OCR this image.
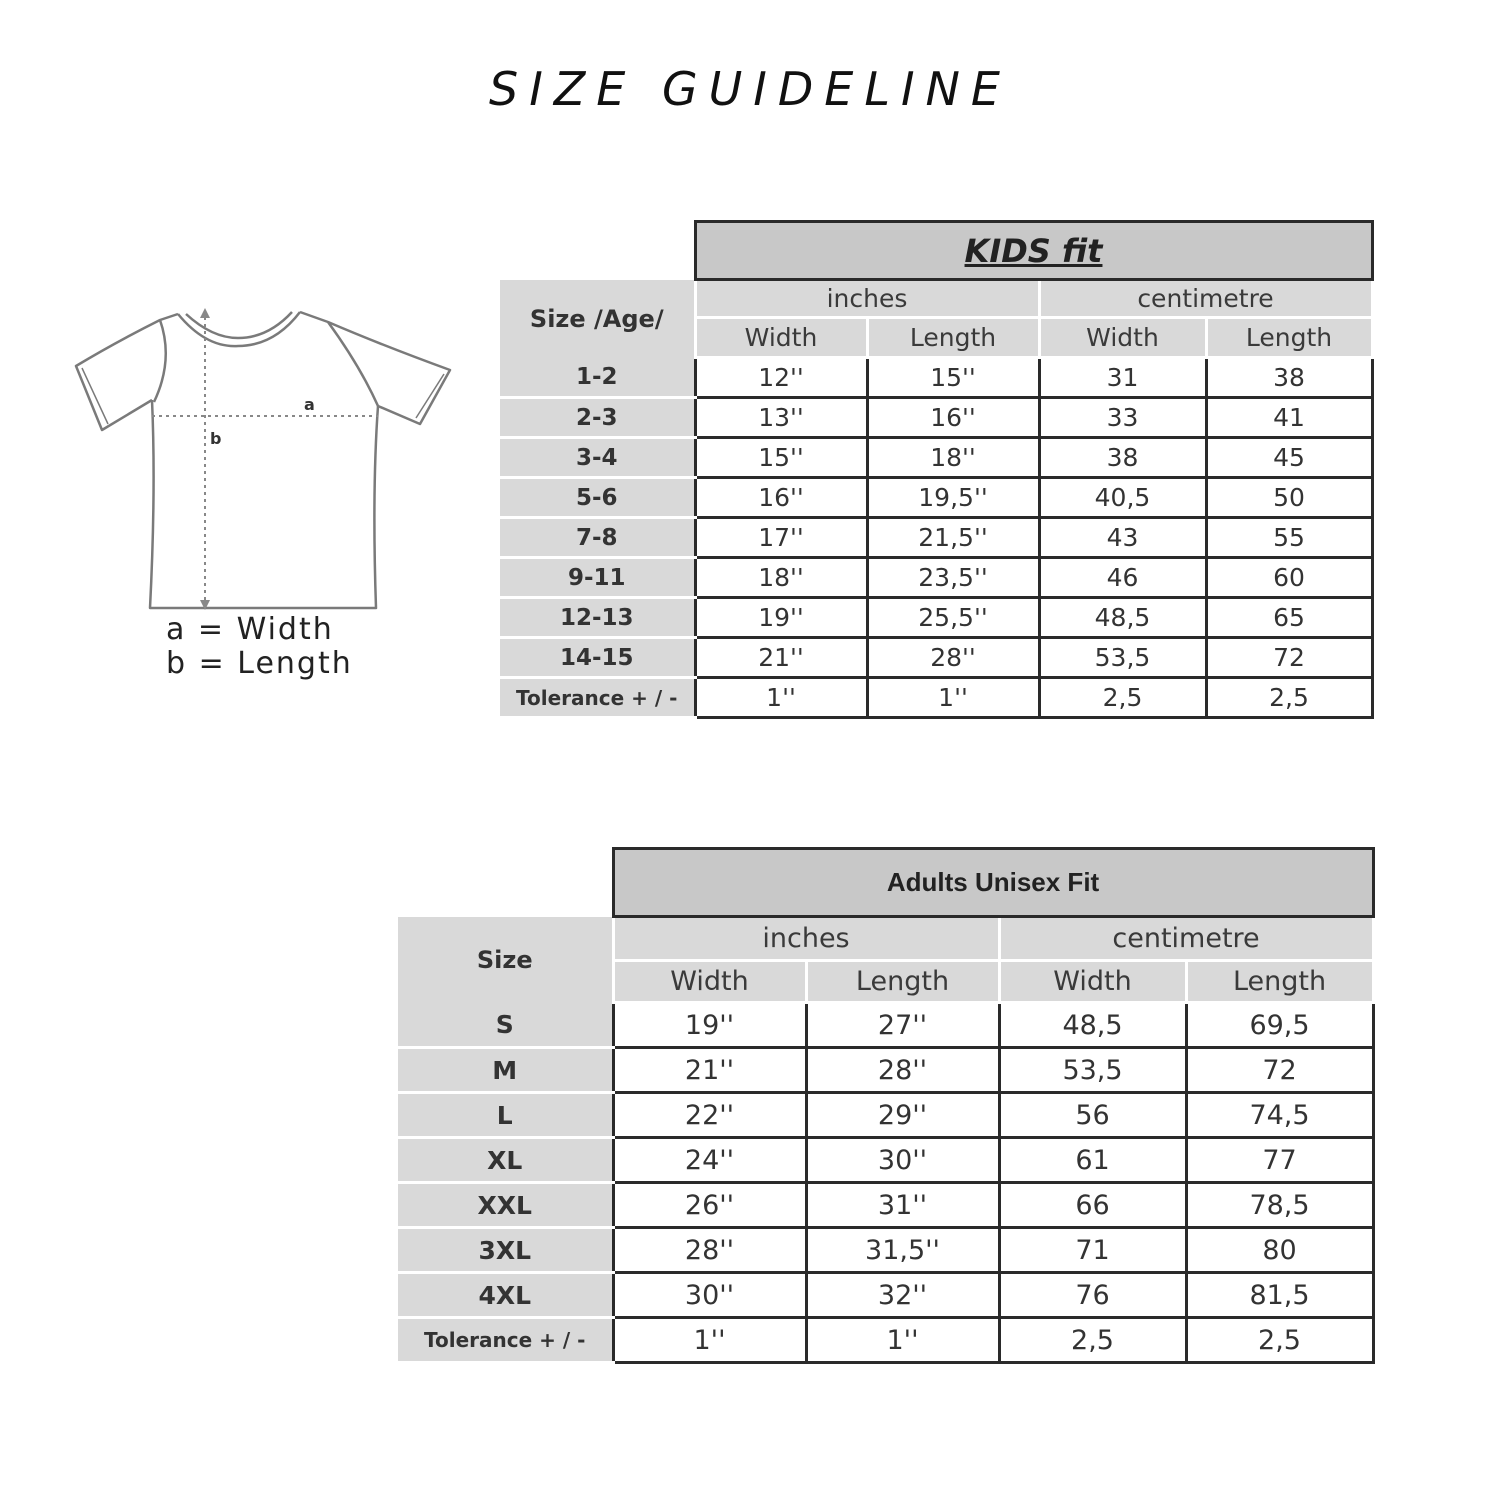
SIZE GUIDELINE
a
b
a = Width
b = Length
	KIDS fit			
Size /Age/	inches		centimetre	
	Width	Length	Width	Length
1-2	12''	15''	31	38
2-3	13''	16''	33	41
3-4	15''	18''	38	45
5-6	16''	19,5''	40,5	50
7-8	17''	21,5''	43	55
9-11	18''	23,5''	46	60
12-13	19''	25,5''	48,5	65
14-15	21''	28''	53,5	72
Tolerance + / -	1''	1''	2,5	2,5
	Adults Unisex Fit			
Size	inches		centimetre	
	Width	Length	Width	Length
S	19''	27''	48,5	69,5
M	21''	28''	53,5	72
L	22''	29''	56	74,5
XL	24''	30''	61	77
XXL	26''	31''	66	78,5
3XL	28''	31,5''	71	80
4XL	30''	32''	76	81,5
Tolerance + / -	1''	1''	2,5	2,5
